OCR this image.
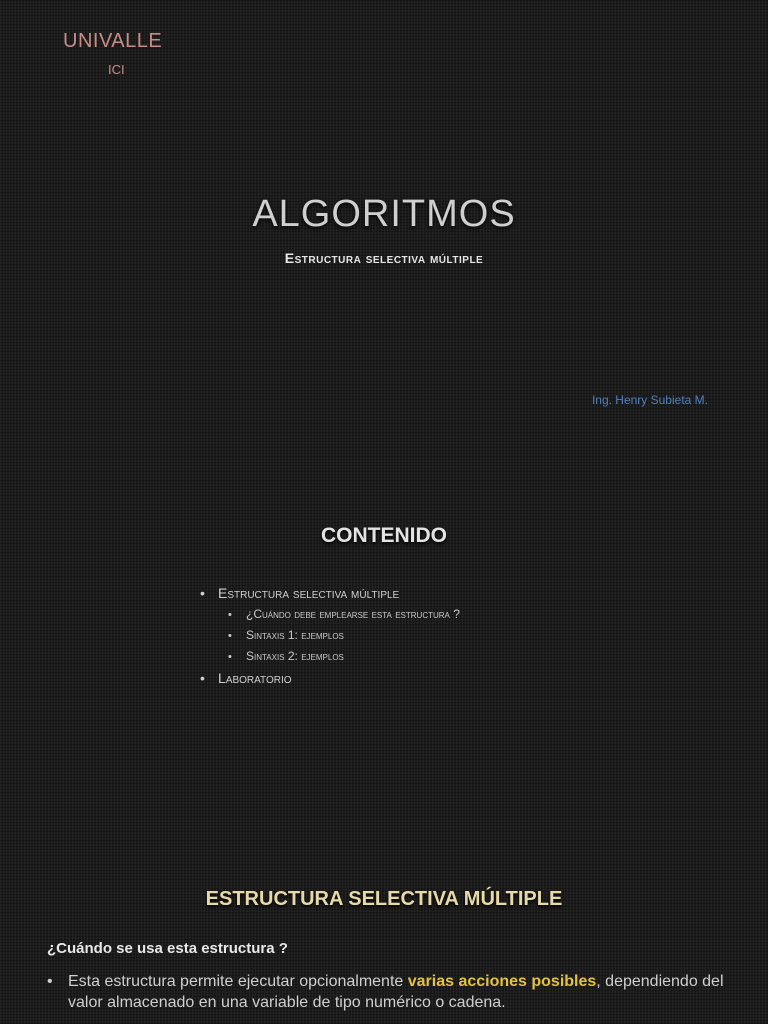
UNIVALLE
ICI
ALGORITMOS
Estructura selectiva múltiple
Ing. Henry Subieta M.
CONTENIDO
• Estructura selectiva múltiple
•	¿Cuándo debe emplearse esta estructura ?
•	Sintaxis 1: ejemplos
•	Sintaxis 2: ejemplos
• Laboratorio
ESTRUCTURA SELECTIVA MÚLTIPLE
¿Cuándo se usa esta estructura ?
• Esta estructura permite ejecutar opcionalmente varias acciones posibles, dependiendo del valor almacenado en una variable de tipo numérico o cadena.
